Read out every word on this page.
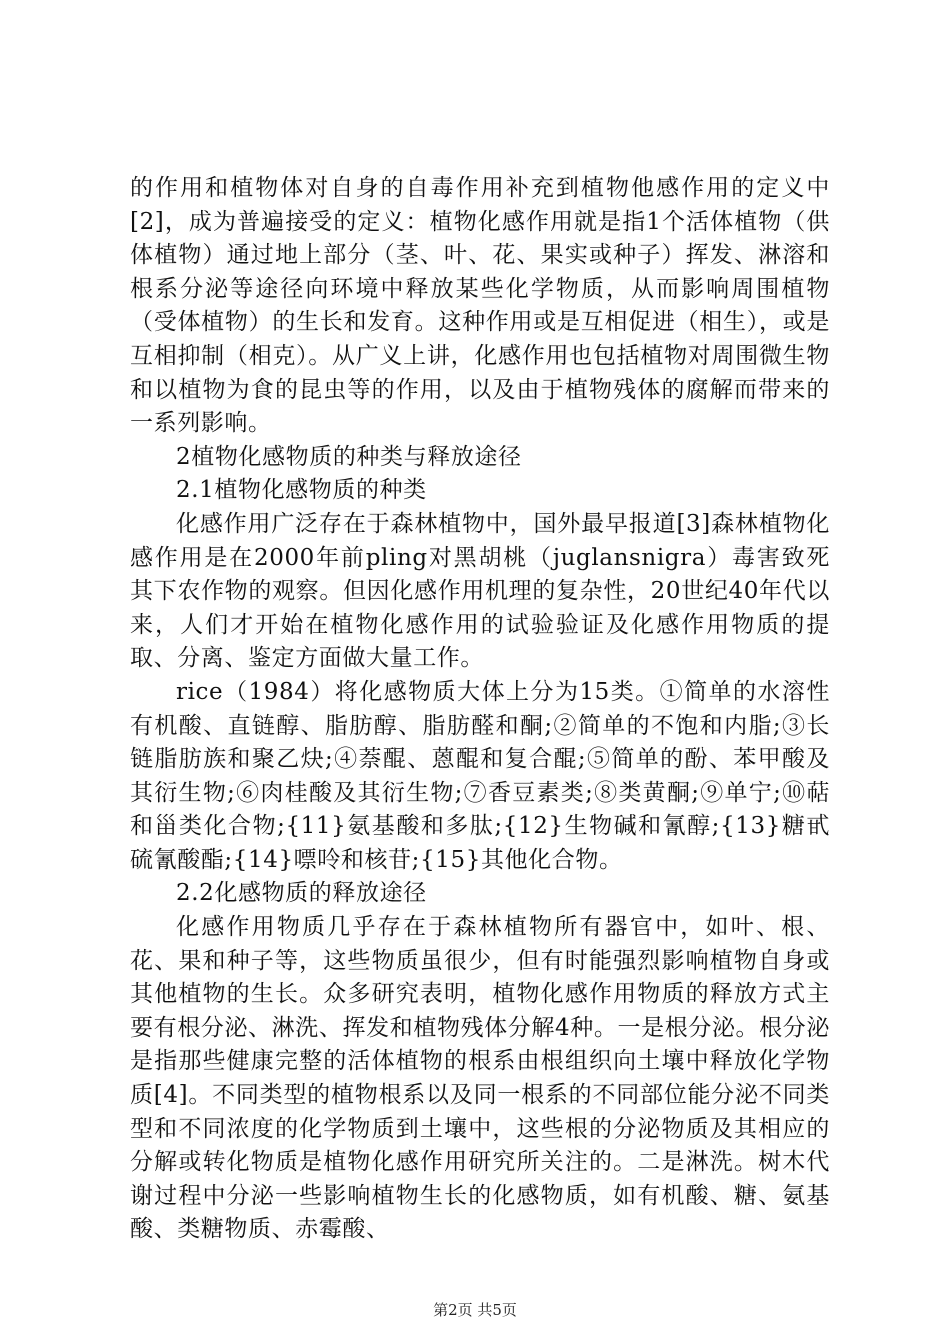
的作用和植物体对自身的自毒作用补充到植物他感作用的定义中[2]，成为普遍接受的定义：植物化感作用就是指1个活体植物（供体植物）通过地上部分（茎、叶、花、果实或种子）挥发、淋溶和根系分泌等途径向环境中释放某些化学物质，从而影响周围植物（受体植物）的生长和发育。这种作用或是互相促进（相生），或是互相抑制（相克）。从广义上讲，化感作用也包括植物对周围微生物和以植物为食的昆虫等的作用，以及由于植物残体的腐解而带来的一系列影响。

2植物化感物质的种类与释放途径

2.1植物化感物质的种类

化感作用广泛存在于森林植物中，国外最早报道[3]森林植物化感作用是在2000年前pling对黑胡桃（juglansnigra）毒害致死其下农作物的观察。但因化感作用机理的复杂性，20世纪40年代以来，人们才开始在植物化感作用的试验验证及化感作用物质的提取、分离、鉴定方面做大量工作。

rice（1984）将化感物质大体上分为15类。①简单的水溶性有机酸、直链醇、脂肪醇、脂肪醛和酮;②简单的不饱和内脂;③长链脂肪族和聚乙炔;④萘醌、蒽醌和复合醌;⑤简单的酚、苯甲酸及其衍生物;⑥肉桂酸及其衍生物;⑦香豆素类;⑧类黄酮;⑨单宁;⑩萜和甾类化合物;{11}氨基酸和多肽;{12}生物碱和氰醇;{13}糖甙硫氰酸酯;{14}嘌呤和核苷;{15}其他化合物。

2.2化感物质的释放途径

化感作用物质几乎存在于森林植物所有器官中，如叶、根、花、果和种子等，这些物质虽很少，但有时能强烈影响植物自身或其他植物的生长。众多研究表明，植物化感作用物质的释放方式主要有根分泌、淋洗、挥发和植物残体分解4种。一是根分泌。根分泌是指那些健康完整的活体植物的根系由根组织向土壤中释放化学物质[4]。不同类型的植物根系以及同一根系的不同部位能分泌不同类型和不同浓度的化学物质到土壤中，这些根的分泌物质及其相应的分解或转化物质是植物化感作用研究所关注的。二是淋洗。树木代谢过程中分泌一些影响植物生长的化感物质，如有机酸、糖、氨基酸、类糖物质、赤霉酸、

第2页 共5页
